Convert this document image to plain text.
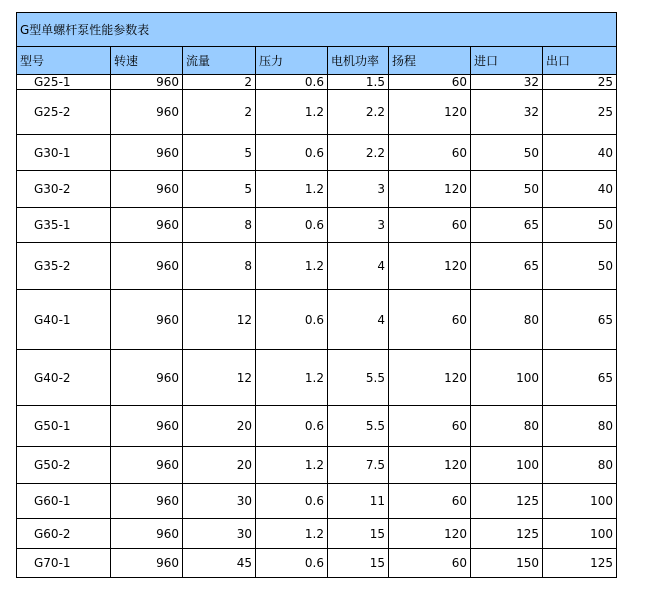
G型单螺杆泵性能参数表							
型号	转速	流量	压力	电机功率	扬程	进口	出口
G25-1	960	2	0.6	1.5	60	32	25
G25-2	960	2	1.2	2.2	120	32	25
G30-1	960	5	0.6	2.2	60	50	40
G30-2	960	5	1.2	3	120	50	40
G35-1	960	8	0.6	3	60	65	50
G35-2	960	8	1.2	4	120	65	50
G40-1	960	12	0.6	4	60	80	65
G40-2	960	12	1.2	5.5	120	100	65
G50-1	960	20	0.6	5.5	60	80	80
G50-2	960	20	1.2	7.5	120	100	80
G60-1	960	30	0.6	11	60	125	100
G60-2	960	30	1.2	15	120	125	100
G70-1	960	45	0.6	15	60	150	125
